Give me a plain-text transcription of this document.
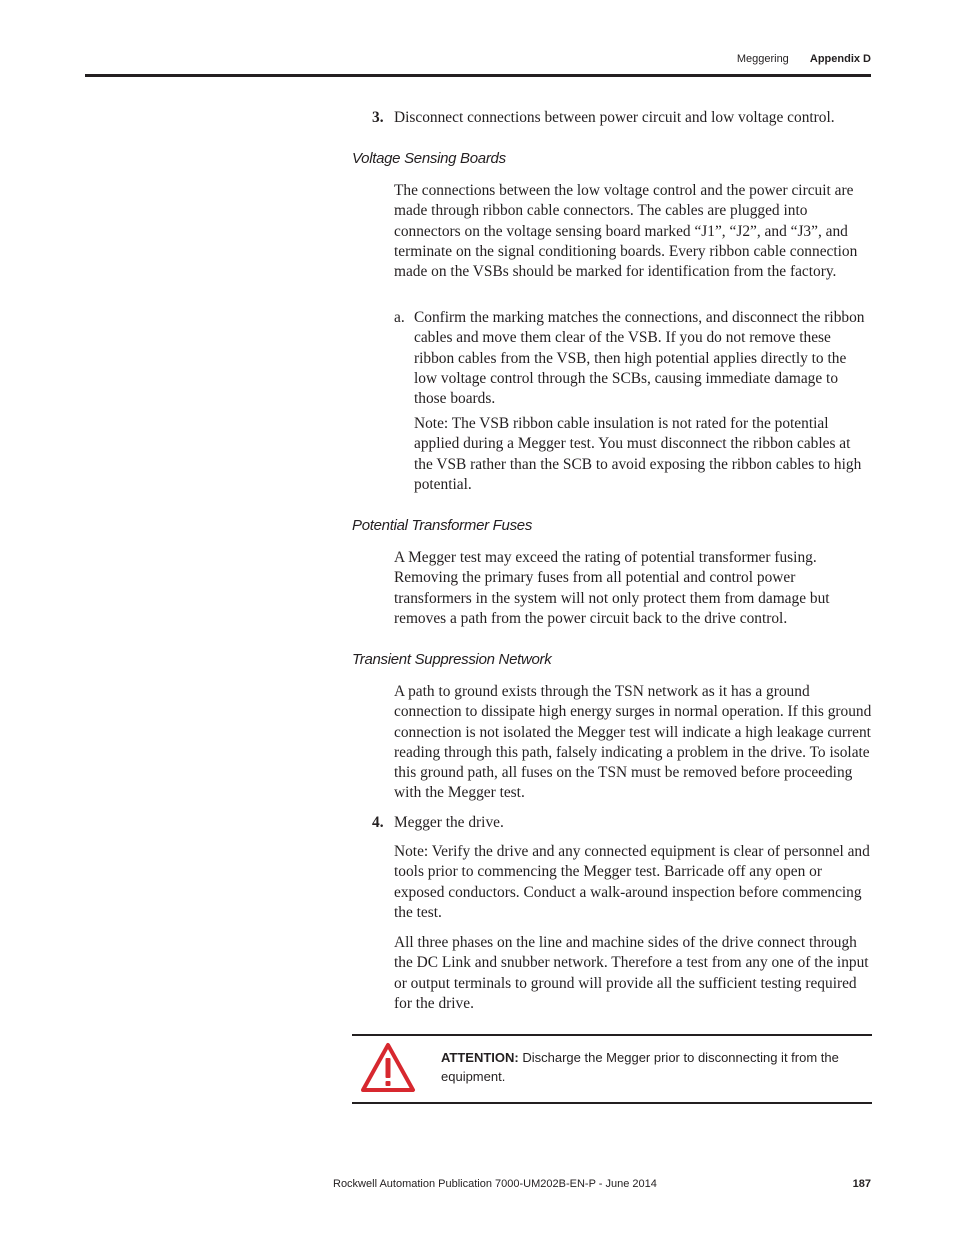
Meggering Appendix D
3. Disconnect connections between power circuit and low voltage control.

Voltage Sensing Boards

The connections between the low voltage control and the power circuit are made through ribbon cable connectors. The cables are plugged into connectors on the voltage sensing board marked “J1”, “J2”, and “J3”, and terminate on the signal conditioning boards. Every ribbon cable connection made on the VSBs should be marked for identification from the factory.

a. Confirm the marking matches the connections, and disconnect the ribbon cables and move them clear of the VSB. If you do not remove these ribbon cables from the VSB, then high potential applies directly to the low voltage control through the SCBs, causing immediate damage to those boards.

Note: The VSB ribbon cable insulation is not rated for the potential applied during a Megger test. You must disconnect the ribbon cables at the VSB rather than the SCB to avoid exposing the ribbon cables to high potential.

Potential Transformer Fuses

A Megger test may exceed the rating of potential transformer fusing. Removing the primary fuses from all potential and control power transformers in the system will not only protect them from damage but removes a path from the power circuit back to the drive control.

Transient Suppression Network

A path to ground exists through the TSN network as it has a ground connection to dissipate high energy surges in normal operation. If this ground connection is not isolated the Megger test will indicate a high leakage current reading through this path, falsely indicating a problem in the drive. To isolate this ground path, all fuses on the TSN must be removed before proceeding with the Megger test.

4. Megger the drive.

Note: Verify the drive and any connected equipment is clear of personnel and tools prior to commencing the Megger test. Barricade off any open or exposed conductors. Conduct a walk-around inspection before commencing the test.

All three phases on the line and machine sides of the drive connect through the DC Link and snubber network. Therefore a test from any one of the input or output terminals to ground will provide all the sufficient testing required for the drive.

ATTENTION: Discharge the Megger prior to disconnecting it from the equipment.
Rockwell Automation Publication 7000-UM202B-EN-P - June 2014	187
